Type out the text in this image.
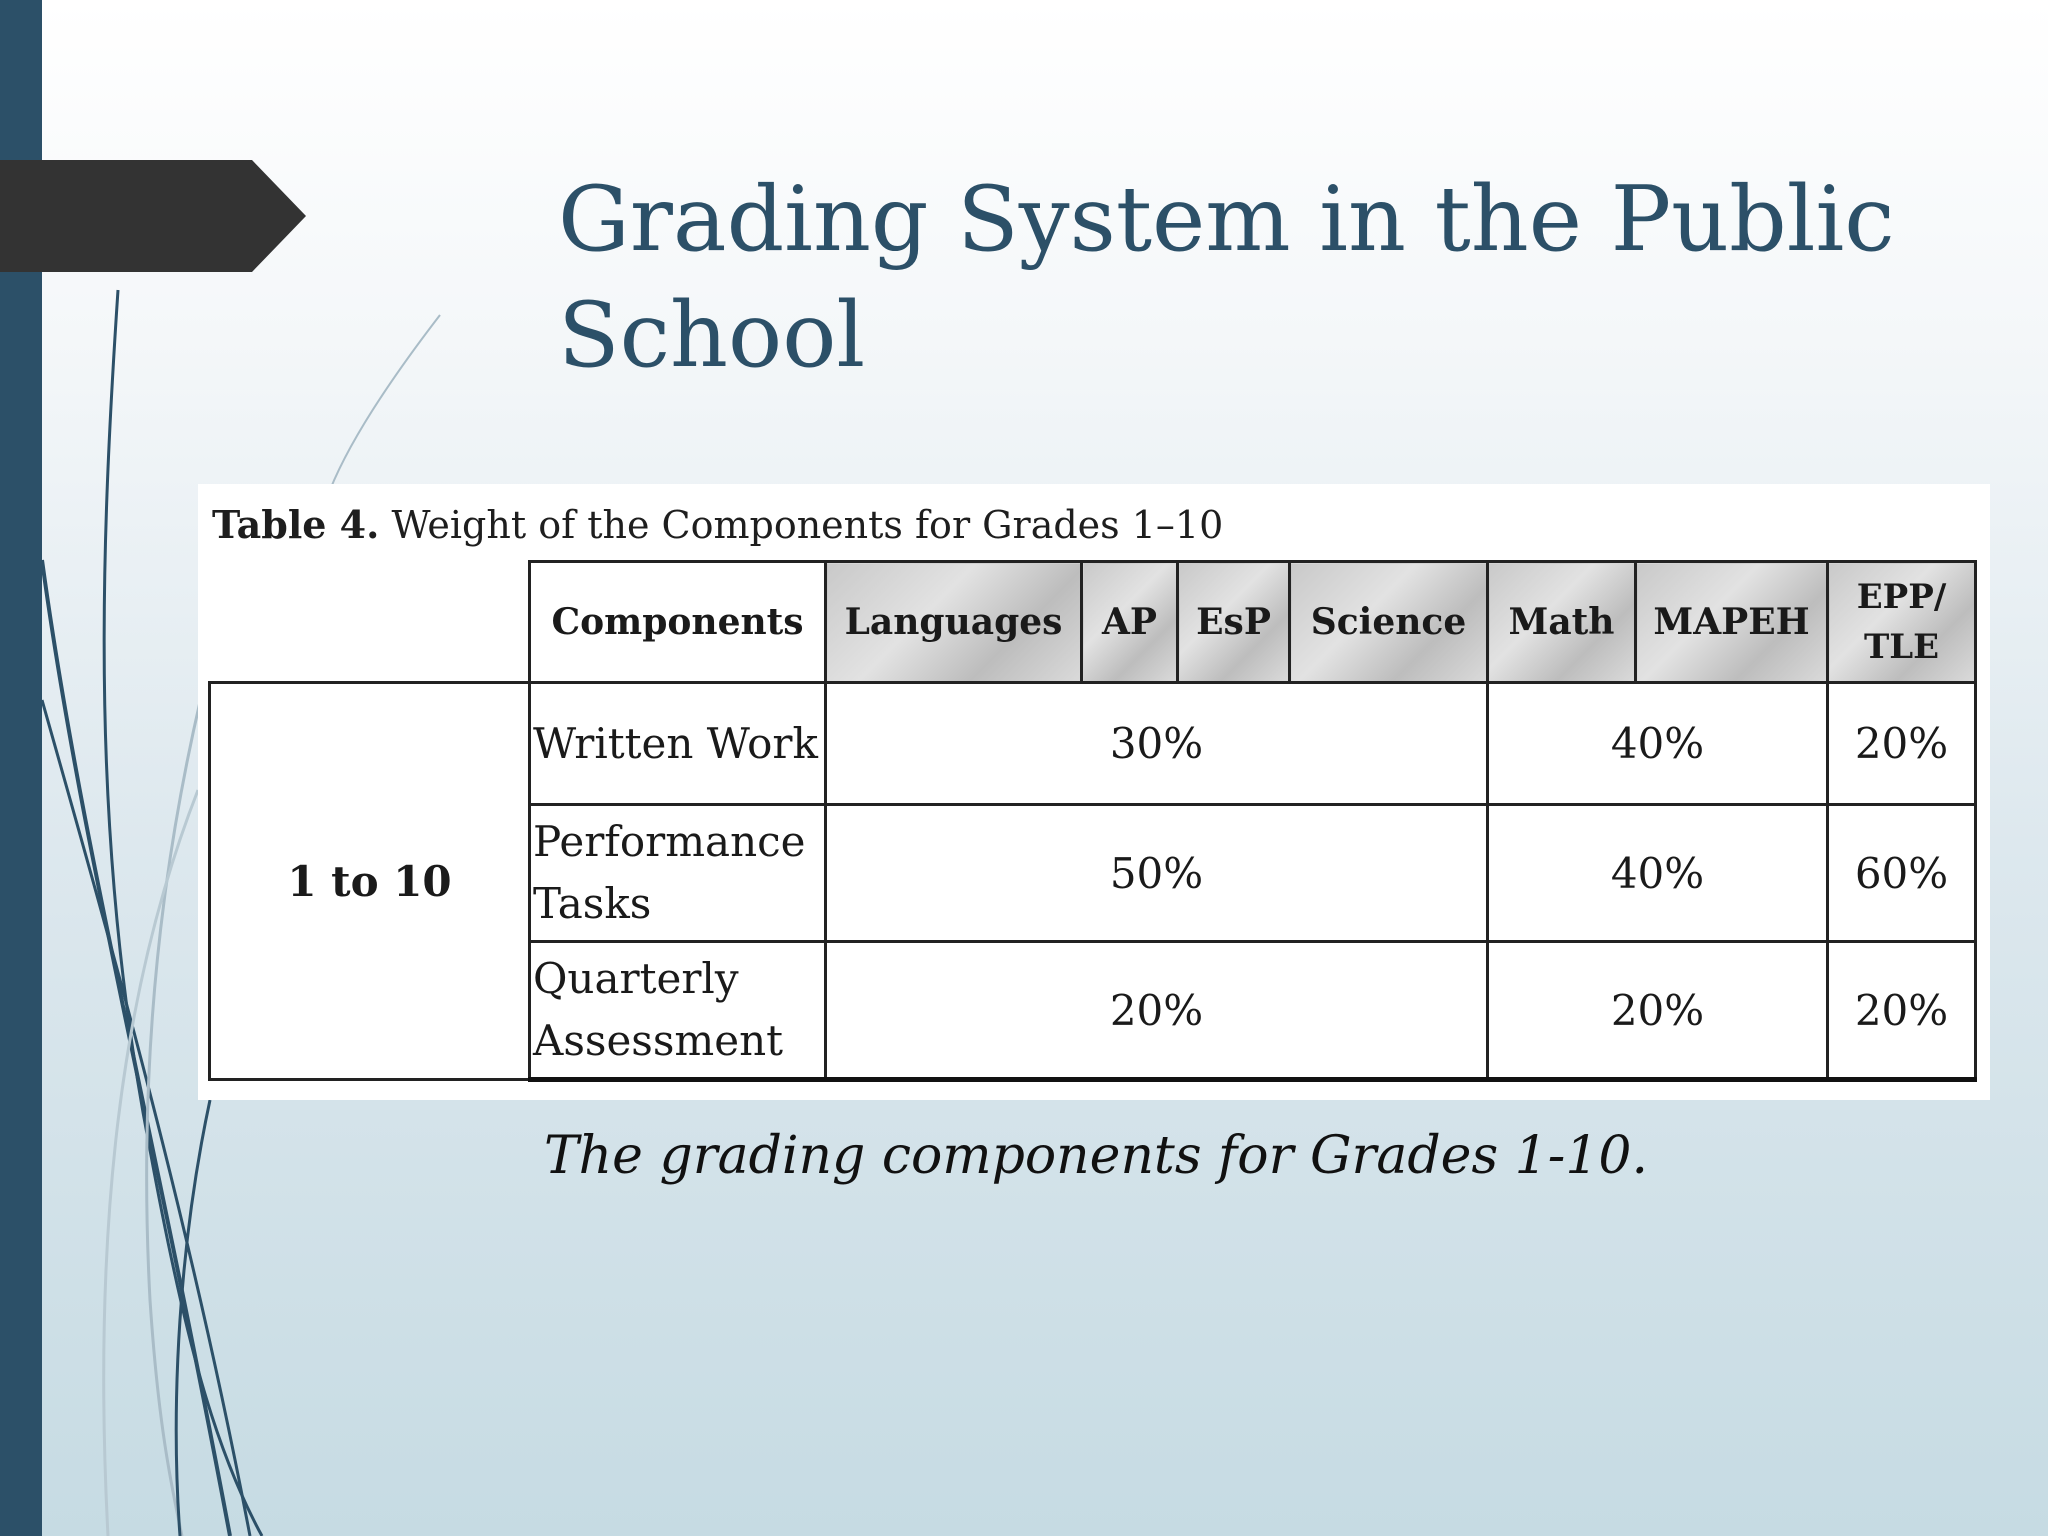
Grading System in the Public School
Table 4. Weight of the Components for Grades 1–10
	Components	Languages	AP	EsP	Science	Math	MAPEH	EPP/
TLE

1 to 10	Written Work	30%				40%		20%

	Performance
Tasks	50%				40%		60%

	Quarterly
Assessment	20%				20%		20%

The grading components for Grades 1-10.
